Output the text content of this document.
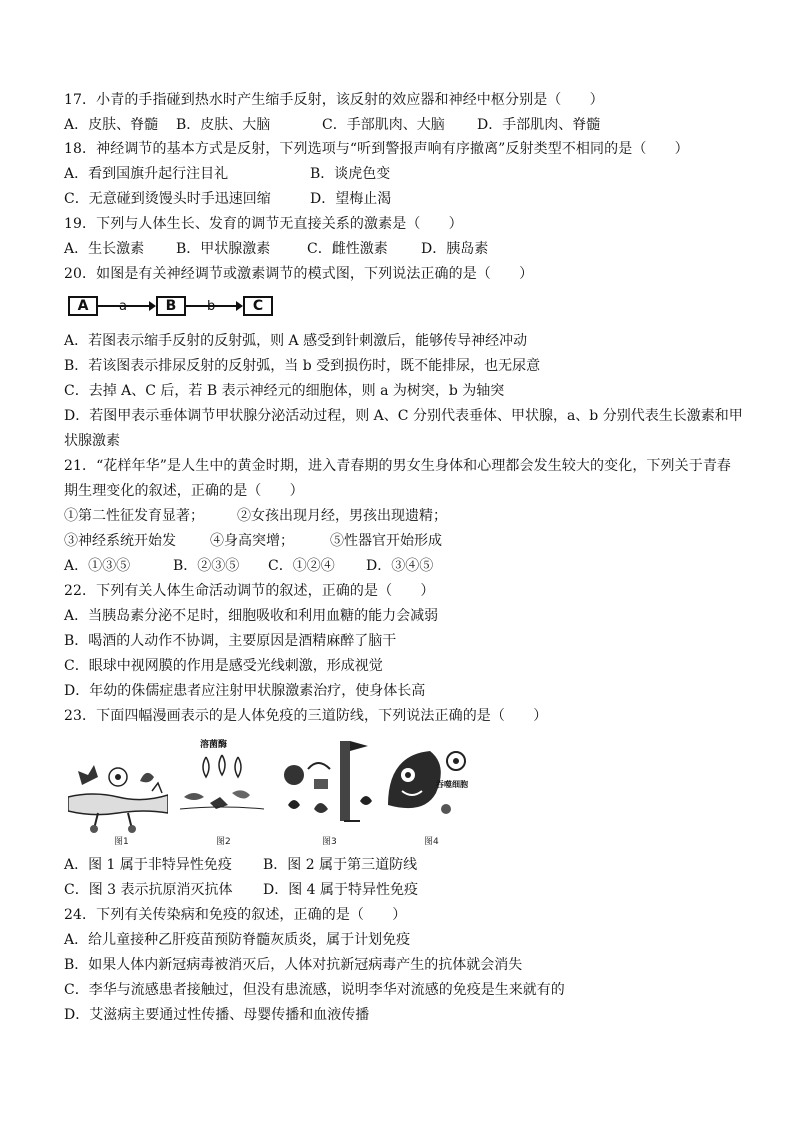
17．小青的手指碰到热水时产生缩手反射，该反射的效应器和神经中枢分别是（　　）
A．皮肤、脊髓 B．皮肤、大脑	C．手部肌肉、大脑 D．手部肌肉、脊髓
18．神经调节的基本方式是反射，下列选项与“听到警报声响有序撤离”反射类型不相同的是（　　）
A．看到国旗升起行注目礼	B．谈虎色变
C．无意碰到烫馒头时手迅速回缩	D．望梅止渴
19．下列与人体生长、发育的调节无直接关系的激素是（　　）
A．生长激素 B．甲状腺激素	C．雌性激素 D．胰岛素
20．如图是有关神经调节或激素调节的模式图，下列说法正确的是（　　）
A	a	B	b	C
A．若图表示缩手反射的反射弧，则 A 感受到针刺激后，能够传导神经冲动
B．若该图表示排尿反射的反射弧，当 b 受到损伤时，既不能排尿，也无尿意
C．去掉 A、C 后，若 B 表示神经元的细胞体，则 a 为树突，b 为轴突
D．若图甲表示垂体调节甲状腺分泌活动过程，则 A、C 分别代表垂体、甲状腺，a、b 分别代表生长激素和甲
状腺激素
21．“花样年华”是人生中的黄金时期，进入青春期的男女生身体和心理都会发生较大的变化，下列关于青春
期生理变化的叙述，正确的是（　　）
①第二性征发育显著； ②女孩出现月经，男孩出现遗精；
③神经系统开始发 ④身高突增；	⑤性器官开始形成
A．①③⑤	B．②③⑤ C．①②④ D．③④⑤
22．下列有关人体生命活动调节的叙述，正确的是（　　）
A．当胰岛素分泌不足时，细胞吸收和利用血糖的能力会减弱
B．喝酒的人动作不协调，主要原因是酒精麻醉了脑干
C．眼球中视网膜的作用是感受光线刺激，形成视觉
D．年幼的侏儒症患者应注射甲状腺激素治疗，使身体长高
23．下面四幅漫画表示的是人体免疫的三道防线，下列说法正确的是（　　）
图1
溶菌酶
图2	图3
吞噬细胞
图4
A．图 1 属于非特异性免疫 B．图 2 属于第三道防线
C．图 3 表示抗原消灭抗体 D．图 4 属于特异性免疫
24．下列有关传染病和免疫的叙述，正确的是（　　）
A．给儿童接种乙肝疫苗预防脊髓灰质炎，属于计划免疫
B．如果人体内新冠病毒被消灭后，人体对抗新冠病毒产生的抗体就会消失
C．李华与流感患者接触过，但没有患流感，说明李华对流感的免疫是生来就有的
D．艾滋病主要通过性传播、母婴传播和血液传播
